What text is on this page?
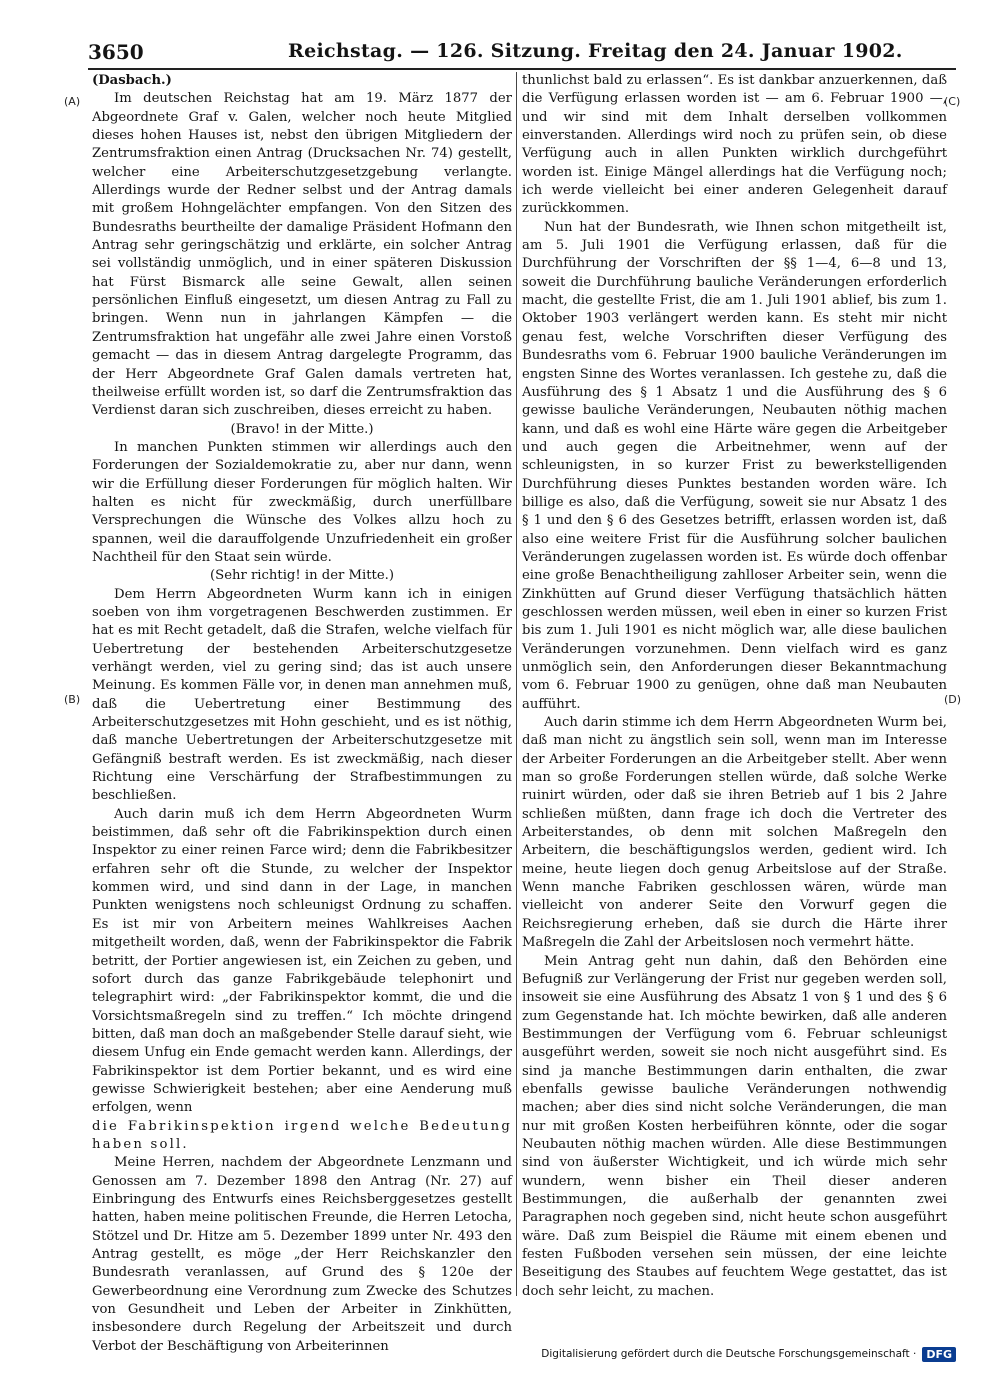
3650	Reichstag. — 126. Sitzung. Freitag den 24. Januar 1902.
(A)
(B)
(C)
(D)
(Dasbach.)

Im deutschen Reichstag hat am 19. März 1877 der Abgeordnete Graf v. Galen, welcher noch heute Mitglied dieses hohen Hauses ist, nebst den übrigen Mitgliedern der Zentrumsfraktion einen Antrag (Drucksachen Nr. 74) gestellt, welcher eine Arbeiterschutzgesetzgebung verlangte. Allerdings wurde der Redner selbst und der Antrag damals mit großem Hohngelächter empfangen. Von den Sitzen des Bundesraths beurtheilte der damalige Präsident Hofmann den Antrag sehr geringschätzig und erklärte, ein solcher Antrag sei vollständig unmöglich, und in einer späteren Diskussion hat Fürst Bismarck alle seine Gewalt, allen seinen persönlichen Einfluß eingesetzt, um diesen Antrag zu Fall zu bringen. Wenn nun in jahrlangen Kämpfen — die Zentrumsfraktion hat ungefähr alle zwei Jahre einen Vorstoß gemacht — das in diesem Antrag dargelegte Programm, das der Herr Abgeordnete Graf Galen damals vertreten hat, theilweise erfüllt worden ist, so darf die Zentrumsfraktion das Verdienst daran sich zuschreiben, dieses erreicht zu haben.

(Bravo! in der Mitte.)

In manchen Punkten stimmen wir allerdings auch den Forderungen der Sozialdemokratie zu, aber nur dann, wenn wir die Erfüllung dieser Forderungen für möglich halten. Wir halten es nicht für zweckmäßig, durch unerfüllbare Versprechungen die Wünsche des Volkes allzu hoch zu spannen, weil die darauffolgende Unzufriedenheit ein großer Nachtheil für den Staat sein würde.

(Sehr richtig! in der Mitte.)

Dem Herrn Abgeordneten Wurm kann ich in einigen soeben von ihm vorgetragenen Beschwerden zustimmen. Er hat es mit Recht getadelt, daß die Strafen, welche vielfach für Uebertretung der bestehenden Arbeiterschutzgesetze verhängt werden, viel zu gering sind; das ist auch unsere Meinung. Es kommen Fälle vor, in denen man annehmen muß, daß die Uebertretung einer Bestimmung des Arbeiterschutzgesetzes mit Hohn geschieht, und es ist nöthig, daß manche Uebertretungen der Arbeiterschutzgesetze mit Gefängniß bestraft werden. Es ist zweckmäßig, nach dieser Richtung eine Verschärfung der Strafbestimmungen zu beschließen.

Auch darin muß ich dem Herrn Abgeordneten Wurm beistimmen, daß sehr oft die Fabrikinspektion durch einen Inspektor zu einer reinen Farce wird; denn die Fabrikbesitzer erfahren sehr oft die Stunde, zu welcher der Inspektor kommen wird, und sind dann in der Lage, in manchen Punkten wenigstens noch schleunigst Ordnung zu schaffen. Es ist mir von Arbeitern meines Wahlkreises Aachen mitgetheilt worden, daß, wenn der Fabrikinspektor die Fabrik betritt, der Portier angewiesen ist, ein Zeichen zu geben, und sofort durch das ganze Fabrikgebäude telephonirt und telegraphirt wird: „der Fabrikinspektor kommt, die und die Vorsichtsmaßregeln sind zu treffen.“ Ich möchte dringend bitten, daß man doch an maßgebender Stelle darauf sieht, wie diesem Unfug ein Ende gemacht werden kann. Allerdings, der Fabrikinspektor ist dem Portier bekannt, und es wird eine gewisse Schwierigkeit bestehen; aber eine Aenderung muß erfolgen, wenn

die Fabrikinspektion irgend welche Bedeutung haben soll.

Meine Herren, nachdem der Abgeordnete Lenzmann und Genossen am 7. Dezember 1898 den Antrag (Nr. 27) auf Einbringung des Entwurfs eines Reichsberggesetzes gestellt hatten, haben meine politischen Freunde, die Herren Letocha, Stötzel und Dr. Hitze am 5. Dezember 1899 unter Nr. 493 den Antrag gestellt, es möge „der Herr Reichskanzler den Bundesrath veranlassen, auf Grund des § 120e der Gewerbeordnung eine Verordnung zum Zwecke des Schutzes von Gesundheit und Leben der Arbeiter in Zinkhütten, insbesondere durch Regelung der Arbeitszeit und durch Verbot der Beschäftigung von Arbeiterinnen

thunlichst bald zu erlassen“. Es ist dankbar anzuerkennen, daß die Verfügung erlassen worden ist — am 6. Februar 1900 —, und wir sind mit dem Inhalt derselben vollkommen einverstanden. Allerdings wird noch zu prüfen sein, ob diese Verfügung auch in allen Punkten wirklich durchgeführt worden ist. Einige Mängel allerdings hat die Verfügung noch; ich werde vielleicht bei einer anderen Gelegenheit darauf zurückkommen.

Nun hat der Bundesrath, wie Ihnen schon mitgetheilt ist, am 5. Juli 1901 die Verfügung erlassen, daß für die Durchführung der Vorschriften der §§ 1—4, 6—8 und 13, soweit die Durchführung bauliche Veränderungen erforderlich macht, die gestellte Frist, die am 1. Juli 1901 ablief, bis zum 1. Oktober 1903 verlängert werden kann. Es steht mir nicht genau fest, welche Vorschriften dieser Verfügung des Bundesraths vom 6. Februar 1900 bauliche Veränderungen im engsten Sinne des Wortes veranlassen. Ich gestehe zu, daß die Ausführung des § 1 Absatz 1 und die Ausführung des § 6 gewisse bauliche Veränderungen, Neubauten nöthig machen kann, und daß es wohl eine Härte wäre gegen die Arbeitgeber und auch gegen die Arbeitnehmer, wenn auf der schleunigsten, in so kurzer Frist zu bewerkstelligenden Durchführung dieses Punktes bestanden worden wäre. Ich billige es also, daß die Verfügung, soweit sie nur Absatz 1 des § 1 und den § 6 des Gesetzes betrifft, erlassen worden ist, daß also eine weitere Frist für die Ausführung solcher baulichen Veränderungen zugelassen worden ist. Es würde doch offenbar eine große Benachtheiligung zahlloser Arbeiter sein, wenn die Zinkhütten auf Grund dieser Verfügung thatsächlich hätten geschlossen werden müssen, weil eben in einer so kurzen Frist bis zum 1. Juli 1901 es nicht möglich war, alle diese baulichen Veränderungen vorzunehmen. Denn vielfach wird es ganz unmöglich sein, den Anforderungen dieser Bekanntmachung vom 6. Februar 1900 zu genügen, ohne daß man Neubauten aufführt.

Auch darin stimme ich dem Herrn Abgeordneten Wurm bei, daß man nicht zu ängstlich sein soll, wenn man im Interesse der Arbeiter Forderungen an die Arbeitgeber stellt. Aber wenn man so große Forderungen stellen würde, daß solche Werke ruinirt würden, oder daß sie ihren Betrieb auf 1 bis 2 Jahre schließen müßten, dann frage ich doch die Vertreter des Arbeiterstandes, ob denn mit solchen Maßregeln den Arbeitern, die beschäftigungslos werden, gedient wird. Ich meine, heute liegen doch genug Arbeitslose auf der Straße. Wenn manche Fabriken geschlossen wären, würde man vielleicht von anderer Seite den Vorwurf gegen die Reichsregierung erheben, daß sie durch die Härte ihrer Maßregeln die Zahl der Arbeitslosen noch vermehrt hätte.

Mein Antrag geht nun dahin, daß den Behörden eine Befugniß zur Verlängerung der Frist nur gegeben werden soll, insoweit sie eine Ausführung des Absatz 1 von § 1 und des § 6 zum Gegenstande hat. Ich möchte bewirken, daß alle anderen Bestimmungen der Verfügung vom 6. Februar schleunigst ausgeführt werden, soweit sie noch nicht ausgeführt sind. Es sind ja manche Bestimmungen darin enthalten, die zwar ebenfalls gewisse bauliche Veränderungen nothwendig machen; aber dies sind nicht solche Veränderungen, die man nur mit großen Kosten herbeiführen könnte, oder die sogar Neubauten nöthig machen würden. Alle diese Bestimmungen sind von äußerster Wichtigkeit, und ich würde mich sehr wundern, wenn bisher ein Theil dieser anderen Bestimmungen, die außerhalb der genannten zwei Paragraphen noch gegeben sind, nicht heute schon ausgeführt wäre. Daß zum Beispiel die Räume mit einem ebenen und festen Fußboden versehen sein müssen, der eine leichte Beseitigung des Staubes auf feuchtem Wege gestattet, das ist doch sehr leicht, zu machen.

Digitalisierung gefördert durch die Deutsche Forschungsgemeinschaft · DFG
